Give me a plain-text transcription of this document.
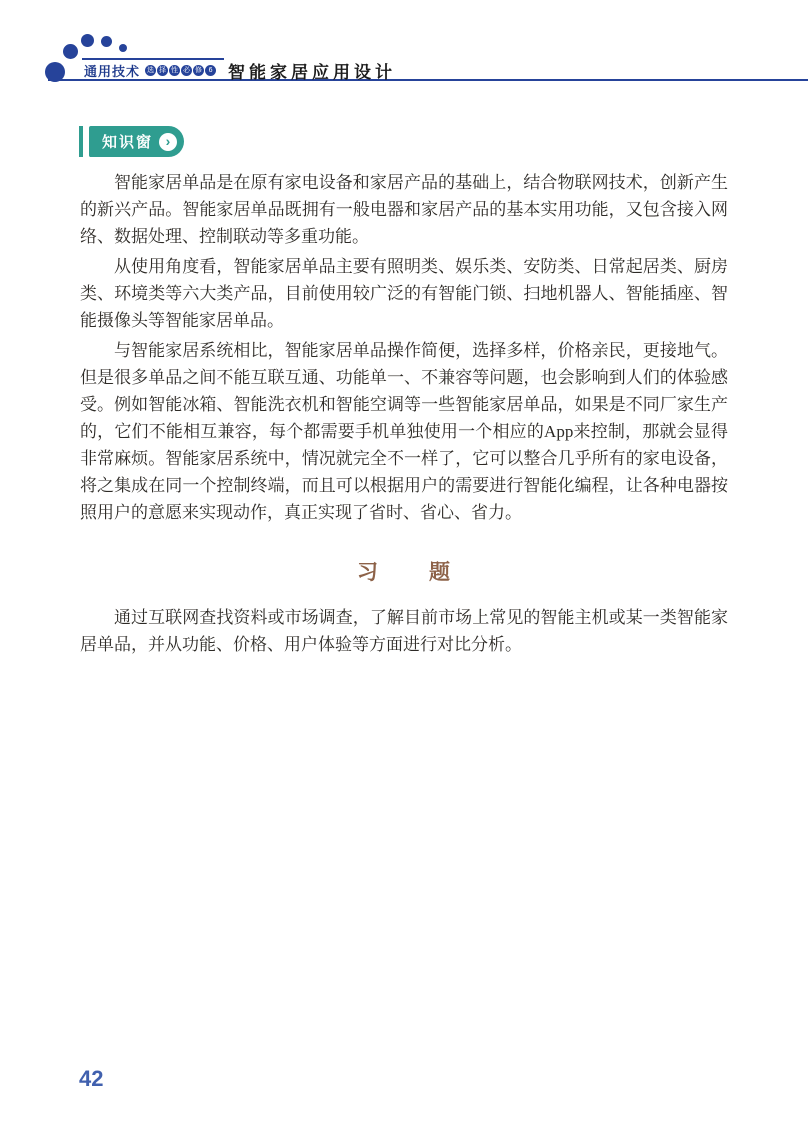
通用技术 选 择 性 必 修 6 智能家居应用设计
知识窗 ›

智能家居单品是在原有家电设备和家居产品的基础上，结合物联网技术，创新产生的新兴产品。智能家居单品既拥有一般电器和家居产品的基本实用功能，又包含接入网络、数据处理、控制联动等多重功能。

从使用角度看，智能家居单品主要有照明类、娱乐类、安防类、日常起居类、厨房类、环境类等六大类产品，目前使用较广泛的有智能门锁、扫地机器人、智能插座、智能摄像头等智能家居单品。

与智能家居系统相比，智能家居单品操作简便，选择多样，价格亲民，更接地气。但是很多单品之间不能互联互通、功能单一、不兼容等问题，也会影响到人们的体验感受。例如智能冰箱、智能洗衣机和智能空调等一些智能家居单品，如果是不同厂家生产的，它们不能相互兼容，每个都需要手机单独使用一个相应的App来控制，那就会显得非常麻烦。智能家居系统中，情况就完全不一样了，它可以整合几乎所有的家电设备，将之集成在同一个控制终端，而且可以根据用户的需要进行智能化编程，让各种电器按照用户的意愿来实现动作，真正实现了省时、省心、省力。

习 题

通过互联网查找资料或市场调查，了解目前市场上常见的智能主机或某一类智能家居单品，并从功能、价格、用户体验等方面进行对比分析。

42
